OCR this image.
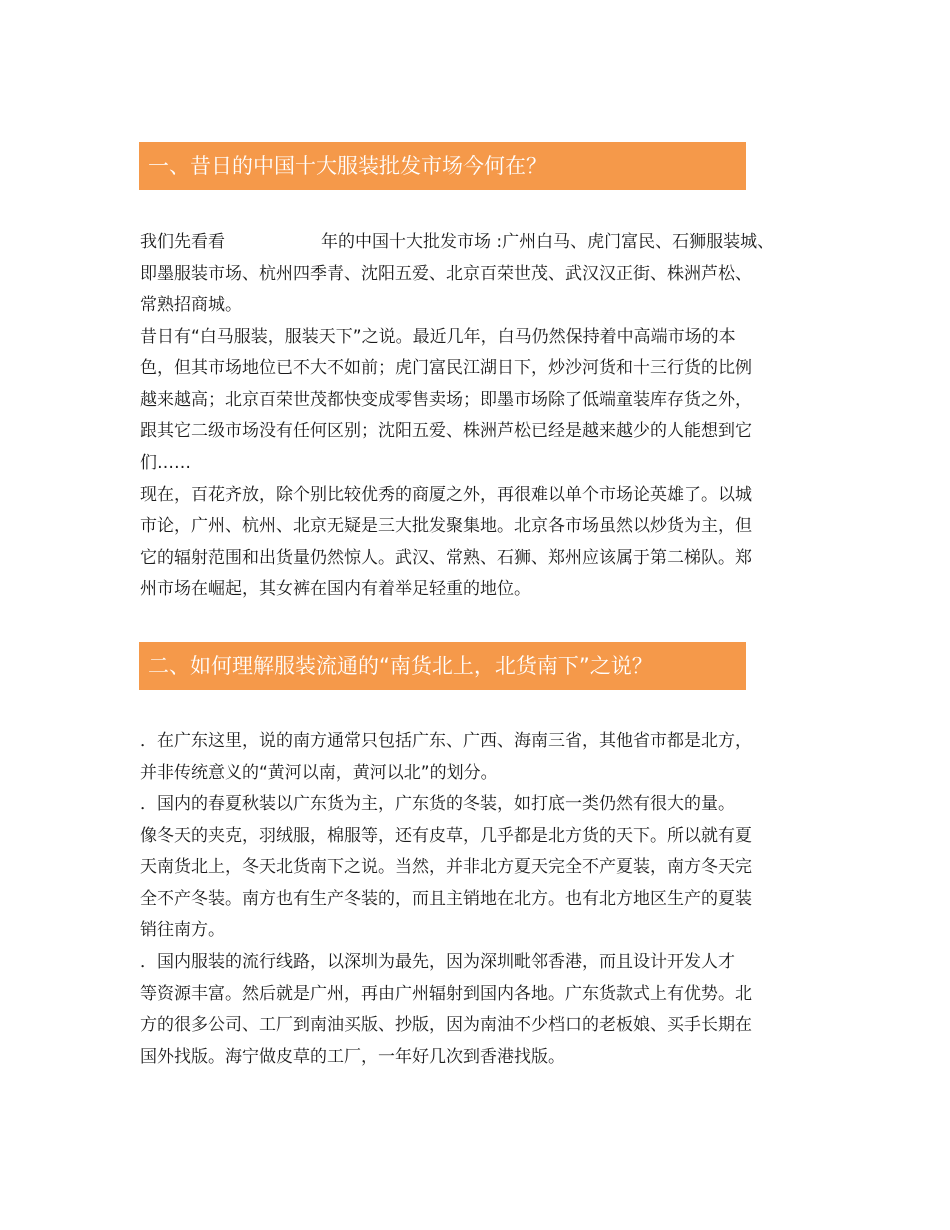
一、昔日的中国十大服装批发市场今何在？
我们先看看	年的中国十大批发市场 :广州白马、虎门富民、石狮服装城、
即墨服装市场、杭州四季青、沈阳五爱、北京百荣世茂、武汉汉正街、株洲芦松、
常熟招商城。
昔日有“白马服装，服装天下”之说。最近几年，白马仍然保持着中高端市场的本
色，但其市场地位已不大不如前；虎门富民江湖日下，炒沙河货和十三行货的比例
越来越高；北京百荣世茂都快变成零售卖场；即墨市场除了低端童装库存货之外，
跟其它二级市场没有任何区别；沈阳五爱、株洲芦松已经是越来越少的人能想到它
们……
现在，百花齐放，除个别比较优秀的商厦之外，再很难以单个市场论英雄了。以城
市论，广州、杭州、北京无疑是三大批发聚集地。北京各市场虽然以炒货为主，但
它的辐射范围和出货量仍然惊人。武汉、常熟、石狮、郑州应该属于第二梯队。郑
州市场在崛起，其女裤在国内有着举足轻重的地位。
二、如何理解服装流通的“南货北上，北货南下”之说？
．在广东这里，说的南方通常只包括广东、广西、海南三省，其他省市都是北方，
并非传统意义的“黄河以南，黄河以北”的划分。
．国内的春夏秋装以广东货为主，广东货的冬装，如打底一类仍然有很大的量。
像冬天的夹克，羽绒服，棉服等，还有皮草，几乎都是北方货的天下。所以就有夏
天南货北上，冬天北货南下之说。当然，并非北方夏天完全不产夏装，南方冬天完
全不产冬装。南方也有生产冬装的，而且主销地在北方。也有北方地区生产的夏装
销往南方。
．国内服装的流行线路，以深圳为最先，因为深圳毗邻香港，而且设计开发人才
等资源丰富。然后就是广州，再由广州辐射到国内各地。广东货款式上有优势。北
方的很多公司、工厂到南油买版、抄版，因为南油不少档口的老板娘、买手长期在
国外找版。海宁做皮草的工厂，一年好几次到香港找版。
